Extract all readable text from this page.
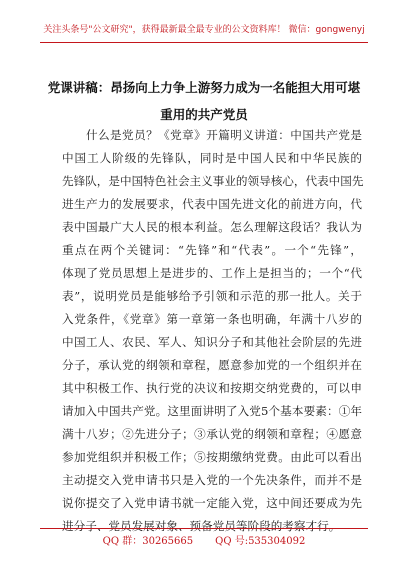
关注头条号"公文研究"，获得最新最全最专业的公文资料库！ 微信：gongwenyj
党课讲稿：昂扬向上力争上游努力成为一名能担大用可堪
重用的共产党员
什么是党员？《党章》开篇明义讲道：中国共产党是
中国工人阶级的先锋队，同时是中国人民和中华民族的
先锋队，是中国特色社会主义事业的领导核心，代表中国先
进生产力的发展要求，代表中国先进文化的前进方向，代
表中国最广大人民的根本利益。怎么理解这段话？我认为
重点在两个关键词：“先锋”和“代表”。一个“先锋”，
体现了党员思想上是进步的、工作上是担当的；一个“代
表”，说明党员是能够给予引领和示范的那一批人。关于
入党条件，《党章》第一章第一条也明确，年满十八岁的
中国工人、农民、军人、知识分子和其他社会阶层的先进
分子，承认党的纲领和章程，愿意参加党的一个组织并在
其中积极工作、执行党的决议和按期交纳党费的，可以申
请加入中国共产党。这里面讲明了入党5个基本要素：①年
满十八岁；②先进分子；③承认党的纲领和章程；④愿意
参加党组织并积极工作；⑤按期缴纳党费。由此可以看出
主动提交入党申请书只是入党的一个先决条件，而并不是
说你提交了入党申请书就一定能入党，这中间还要成为先
进分子、党员发展对象、预备党员等阶段的考察才行。
QQ 群：30265665 QQ 号:535304092
